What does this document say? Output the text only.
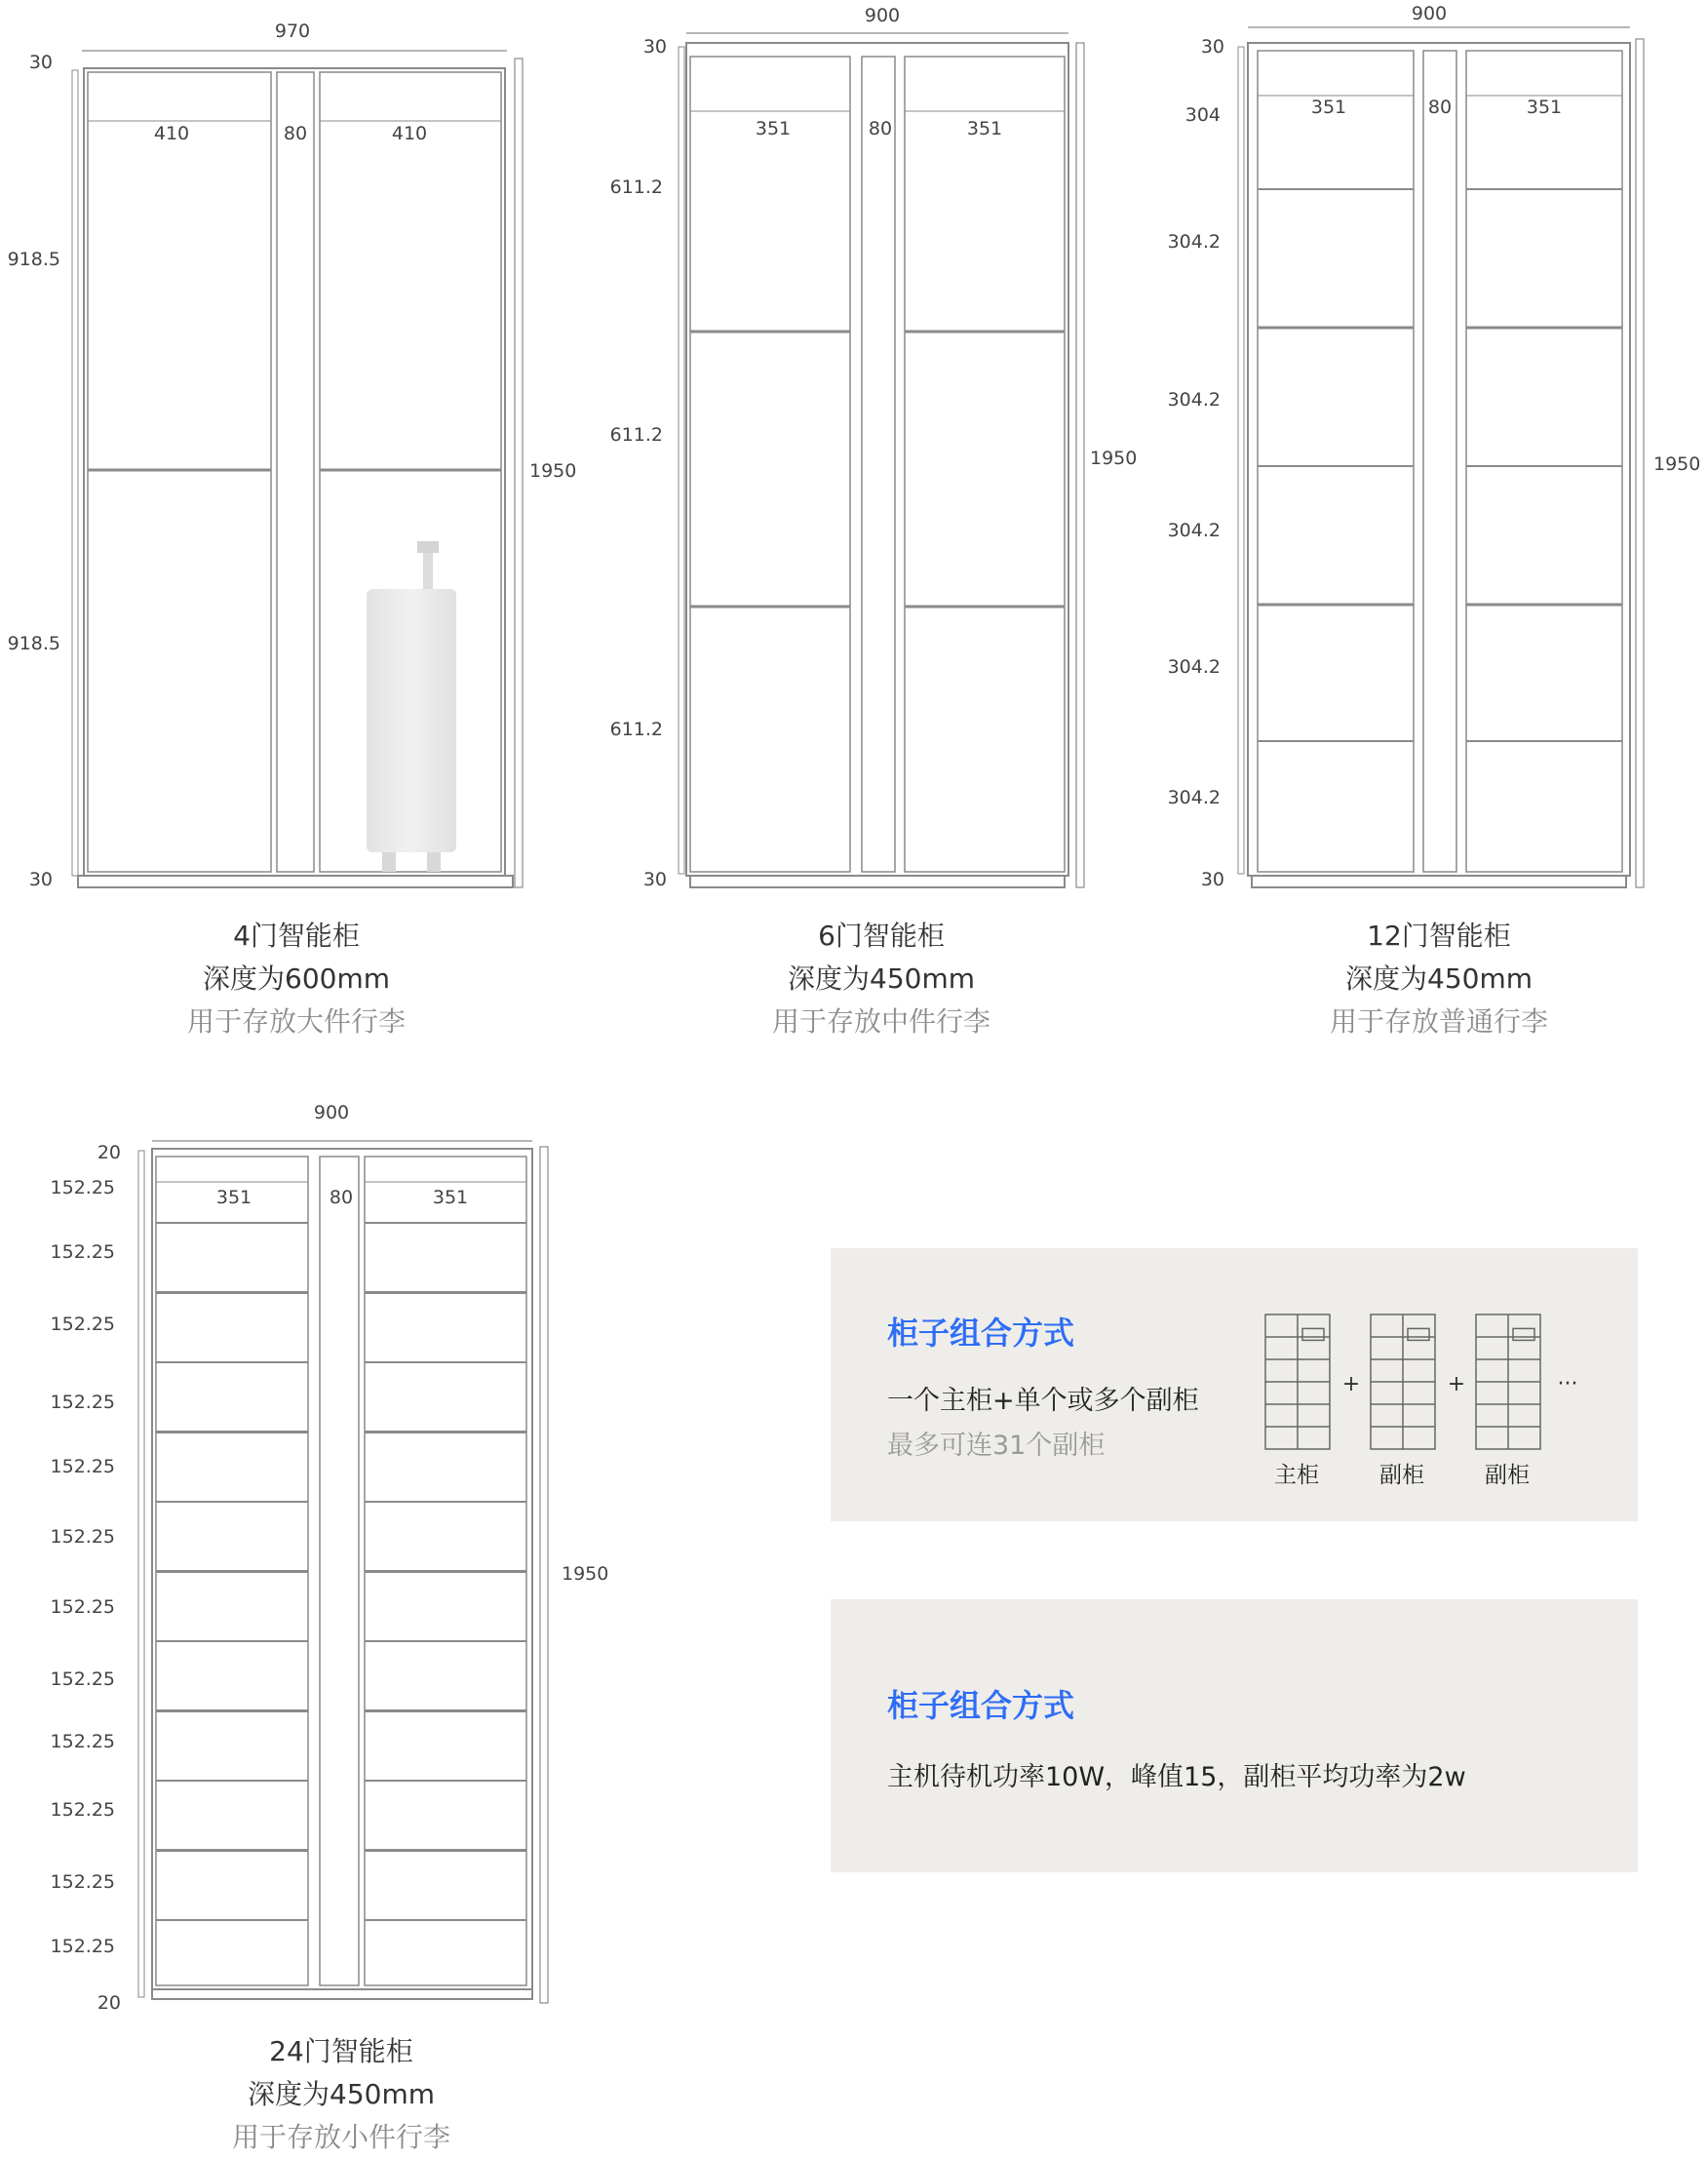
970
30
410	80	410
918.5
918.5
30
1950
900
30
351	80	351
611.2
611.2
611.2
30
1950
900
30
351	80	351
304
304.2
304.2
304.2
304.2
304.2
30
1950
900
20
351	80	351
152.25
152.25
152.25
152.25
152.25
152.25
152.25
152.25
152.25
152.25
152.25
152.25
20
1950
4门智能柜
深度为600mm
用于存放大件行李
6门智能柜
深度为450mm
用于存放中件行李
12门智能柜
深度为450mm
用于存放普通行李
24门智能柜
深度为450mm
用于存放小件行李
柜子组合方式
一个主柜+单个或多个副柜
最多可连31个副柜
+	+	···
主柜	副柜	副柜
柜子组合方式
主机待机功率10W，峰值15，副柜平均功率为2w
